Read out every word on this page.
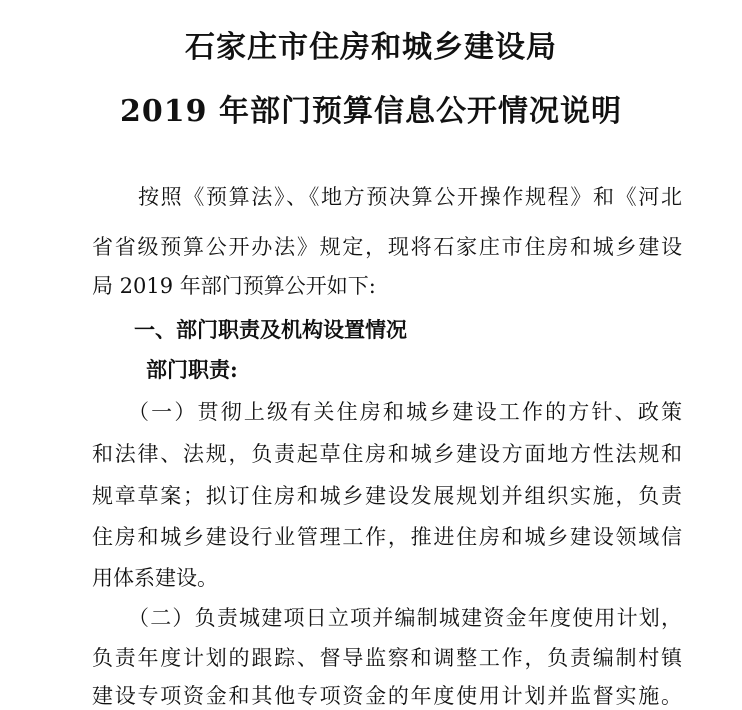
石家庄市住房和城乡建设局
2019 年部门预算信息公开情况说明
按照《预算法》、《地方预决算公开操作规程》和《河北
省省级预算公开办法》规定，现将石家庄市住房和城乡建设
局 2019 年部门预算公开如下:
一、部门职责及机构设置情况
部门职责:
（一）贯彻上级有关住房和城乡建设工作的方针、政策
和法律、法规，负责起草住房和城乡建设方面地方性法规和
规章草案；拟订住房和城乡建设发展规划并组织实施，负责
住房和城乡建设行业管理工作，推进住房和城乡建设领域信
用体系建设。
（二）负责城建项日立项并编制城建资金年度使用计划，
负责年度计划的跟踪、督导监察和调整工作，负责编制村镇
建设专项资金和其他专项资金的年度使用计划并监督实施。
